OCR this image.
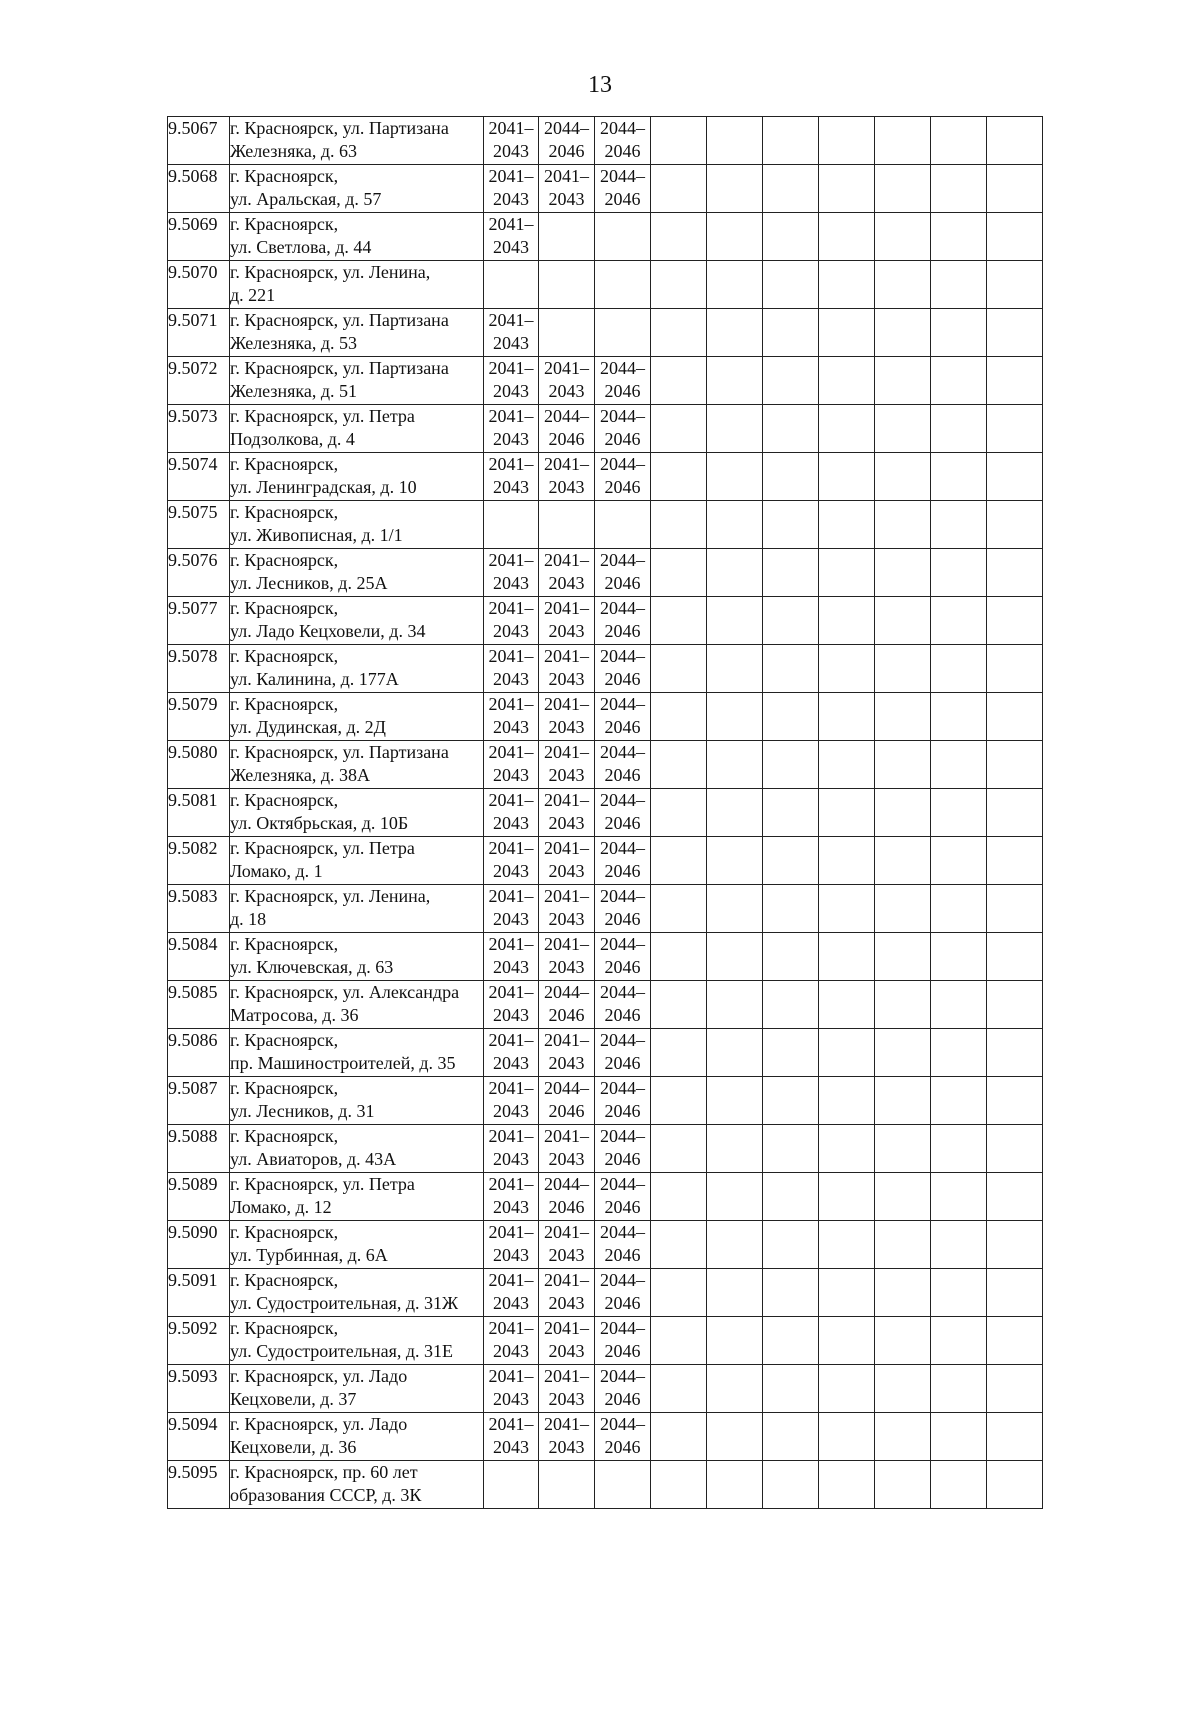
13
9.5067	г. Красноярск, ул. Партизана
Железняка, д. 63	2041–
2043	2044–
2046	2044–
2046							

9.5068	г. Красноярск,
ул. Аральская, д. 57	2041–
2043	2041–
2043	2044–
2046							

9.5069	г. Красноярск,
ул. Светлова, д. 44	2041–
2043									

9.5070	г. Красноярск, ул. Ленина,
д. 221										

9.5071	г. Красноярск, ул. Партизана
Железняка, д. 53	2041–
2043									

9.5072	г. Красноярск, ул. Партизана
Железняка, д. 51	2041–
2043	2041–
2043	2044–
2046							

9.5073	г. Красноярск, ул. Петра
Подзолкова, д. 4	2041–
2043	2044–
2046	2044–
2046							

9.5074	г. Красноярск,
ул. Ленинградская, д. 10	2041–
2043	2041–
2043	2044–
2046							

9.5075	г. Красноярск,
ул. Живописная, д. 1/1										

9.5076	г. Красноярск,
ул. Лесников, д. 25А	2041–
2043	2041–
2043	2044–
2046							

9.5077	г. Красноярск,
ул. Ладо Кецховели, д. 34	2041–
2043	2041–
2043	2044–
2046							

9.5078	г. Красноярск,
ул. Калинина, д. 177А	2041–
2043	2041–
2043	2044–
2046							

9.5079	г. Красноярск,
ул. Дудинская, д. 2Д	2041–
2043	2041–
2043	2044–
2046							

9.5080	г. Красноярск, ул. Партизана
Железняка, д. 38А	2041–
2043	2041–
2043	2044–
2046							

9.5081	г. Красноярск,
ул. Октябрьская, д. 10Б	2041–
2043	2041–
2043	2044–
2046							

9.5082	г. Красноярск, ул. Петра
Ломако, д. 1	2041–
2043	2041–
2043	2044–
2046							

9.5083	г. Красноярск, ул. Ленина,
д. 18	2041–
2043	2041–
2043	2044–
2046							

9.5084	г. Красноярск,
ул. Ключевская, д. 63	2041–
2043	2041–
2043	2044–
2046							

9.5085	г. Красноярск, ул. Александра
Матросова, д. 36	2041–
2043	2044–
2046	2044–
2046							

9.5086	г. Красноярск,
пр. Машиностроителей, д. 35	2041–
2043	2041–
2043	2044–
2046							

9.5087	г. Красноярск,
ул. Лесников, д. 31	2041–
2043	2044–
2046	2044–
2046							

9.5088	г. Красноярск,
ул. Авиаторов, д. 43А	2041–
2043	2041–
2043	2044–
2046							

9.5089	г. Красноярск, ул. Петра
Ломако, д. 12	2041–
2043	2044–
2046	2044–
2046							

9.5090	г. Красноярск,
ул. Турбинная, д. 6А	2041–
2043	2041–
2043	2044–
2046							

9.5091	г. Красноярск,
ул. Судостроительная, д. 31Ж	2041–
2043	2041–
2043	2044–
2046							

9.5092	г. Красноярск,
ул. Судостроительная, д. 31Е	2041–
2043	2041–
2043	2044–
2046							

9.5093	г. Красноярск, ул. Ладо
Кецховели, д. 37	2041–
2043	2041–
2043	2044–
2046							

9.5094	г. Красноярск, ул. Ладо
Кецховели, д. 36	2041–
2043	2041–
2043	2044–
2046							

9.5095	г. Красноярск, пр. 60 лет
образования СССР, д. 3К										
